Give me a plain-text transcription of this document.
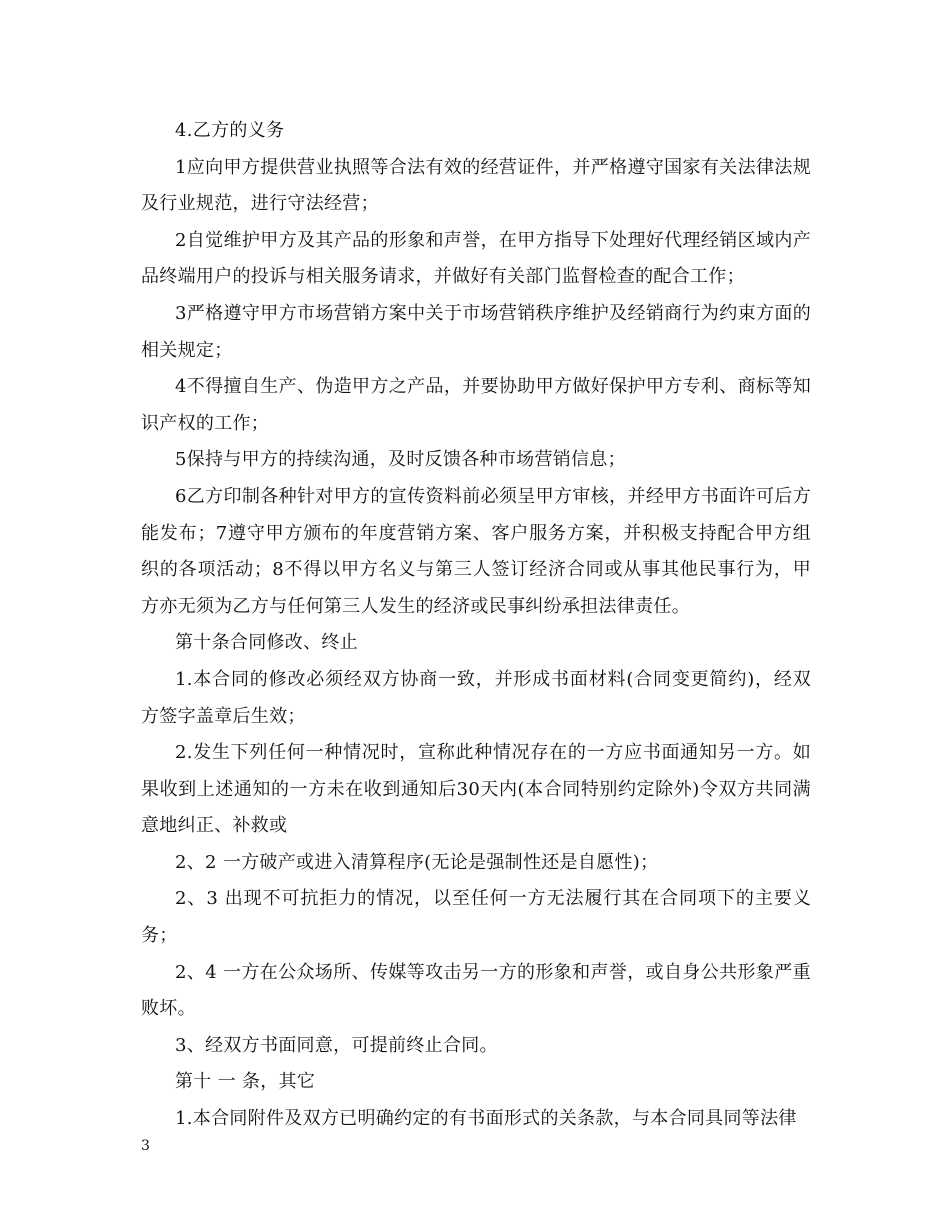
4.乙方的义务

1应向甲方提供营业执照等合法有效的经营证件，并严格遵守国家有关法律法规及行业规范，进行守法经营；

2自觉维护甲方及其产品的形象和声誉，在甲方指导下处理好代理经销区域内产品终端用户的投诉与相关服务请求，并做好有关部门监督检查的配合工作；

3严格遵守甲方市场营销方案中关于市场营销秩序维护及经销商行为约束方面的相关规定；

4不得擅自生产、伪造甲方之产品，并要协助甲方做好保护甲方专利、商标等知识产权的工作；

5保持与甲方的持续沟通，及时反馈各种市场营销信息；

6乙方印制各种针对甲方的宣传资料前必须呈甲方审核，并经甲方书面许可后方能发布；7遵守甲方颁布的年度营销方案、客户服务方案，并积极支持配合甲方组织的各项活动；8不得以甲方名义与第三人签订经济合同或从事其他民事行为，甲方亦无须为乙方与任何第三人发生的经济或民事纠纷承担法律责任。

第十条合同修改、终止

1.本合同的修改必须经双方协商一致，并形成书面材料(合同变更简约)，经双方签字盖章后生效；

2.发生下列任何一种情况时，宣称此种情况存在的一方应书面通知另一方。如果收到上述通知的一方未在收到通知后30天内(本合同特别约定除外)令双方共同满意地纠正、补救或

2、2 一方破产或进入清算程序(无论是强制性还是自愿性)；

2、3 出现不可抗拒力的情况，以至任何一方无法履行其在合同项下的主要义务；

2、4 一方在公众场所、传媒等攻击另一方的形象和声誉，或自身公共形象严重败坏。

3、经双方书面同意，可提前终止合同。

第十 一 条，其它

1.本合同附件及双方已明确约定的有书面形式的关条款，与本合同具同等法律

3
